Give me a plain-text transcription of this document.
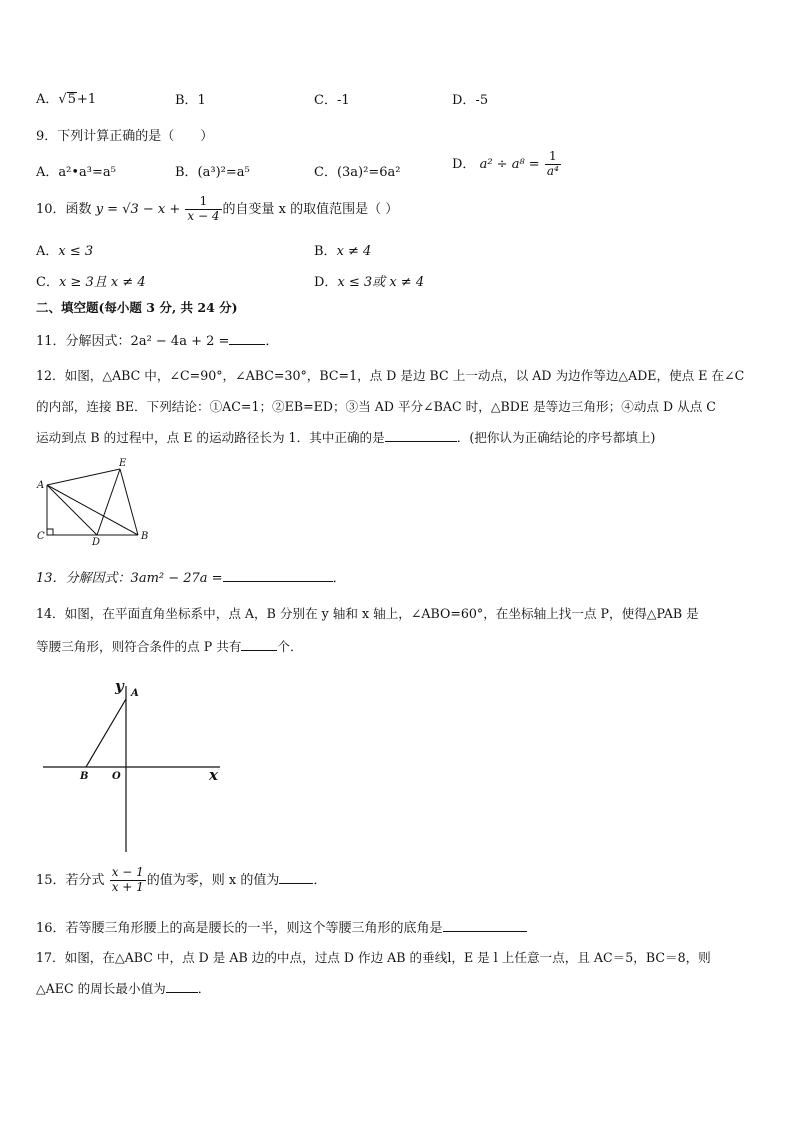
A．√5+1	B．1	C．-1	D．-5
9．下列计算正确的是（　　）
A．a²•a³=a⁵	B．(a³)²=a⁵	C．(3a)²=6a²
D． $a^2 \div a^8 = \frac{1}{\text{a⁴}}$
10．函数 $y = √3 - x + \frac{1}{x - 4}$ 的自变量 x 的取值范围是（ ）
A．x ≤ 3	B．x ≠ 4
C．x ≥ 3且 x ≠ 4	D．x ≤ 3或 x ≠ 4
二、填空题(每小题 3 分, 共 24 分)
11．分解因式：2a² − 4a + 2 =	．
12．如图，△ABC 中，∠C=90°，∠ABC=30°，BC=1，点 D 是边 BC 上一动点，以 AD 为边作等边△ADE，使点 E 在∠C
的内部，连接 BE．下列结论：①AC=1；②EB=ED；③当 AD 平分∠BAC 时，△BDE 是等边三角形；④动点 D 从点 C
运动到点 B 的过程中，点 E 的运动路径长为 1．其中正确的是	．(把你认为正确结论的序号都填上)
A
C
D
B
E
13．分解因式：3am² − 27a =	．
14．如图，在平面直角坐标系中，点 A，B 分别在 y 轴和 x 轴上，∠ABO=60°，在坐标轴上找一点 P，使得△PAB 是
等腰三角形，则符合条件的点 P 共有	个．
y
x
A
B O
15．若分式 $\frac{x - 1}{x + 1}$ 的值为零，则 x 的值为	．
16．若等腰三角形腰上的高是腰长的一半，则这个等腰三角形的底角是
17．如图，在△ABC 中，点 D 是 AB 边的中点，过点 D 作边 AB 的垂线l，E 是 l 上任意一点，且 AC＝5，BC＝8，则
△AEC 的周长最小值为	．
